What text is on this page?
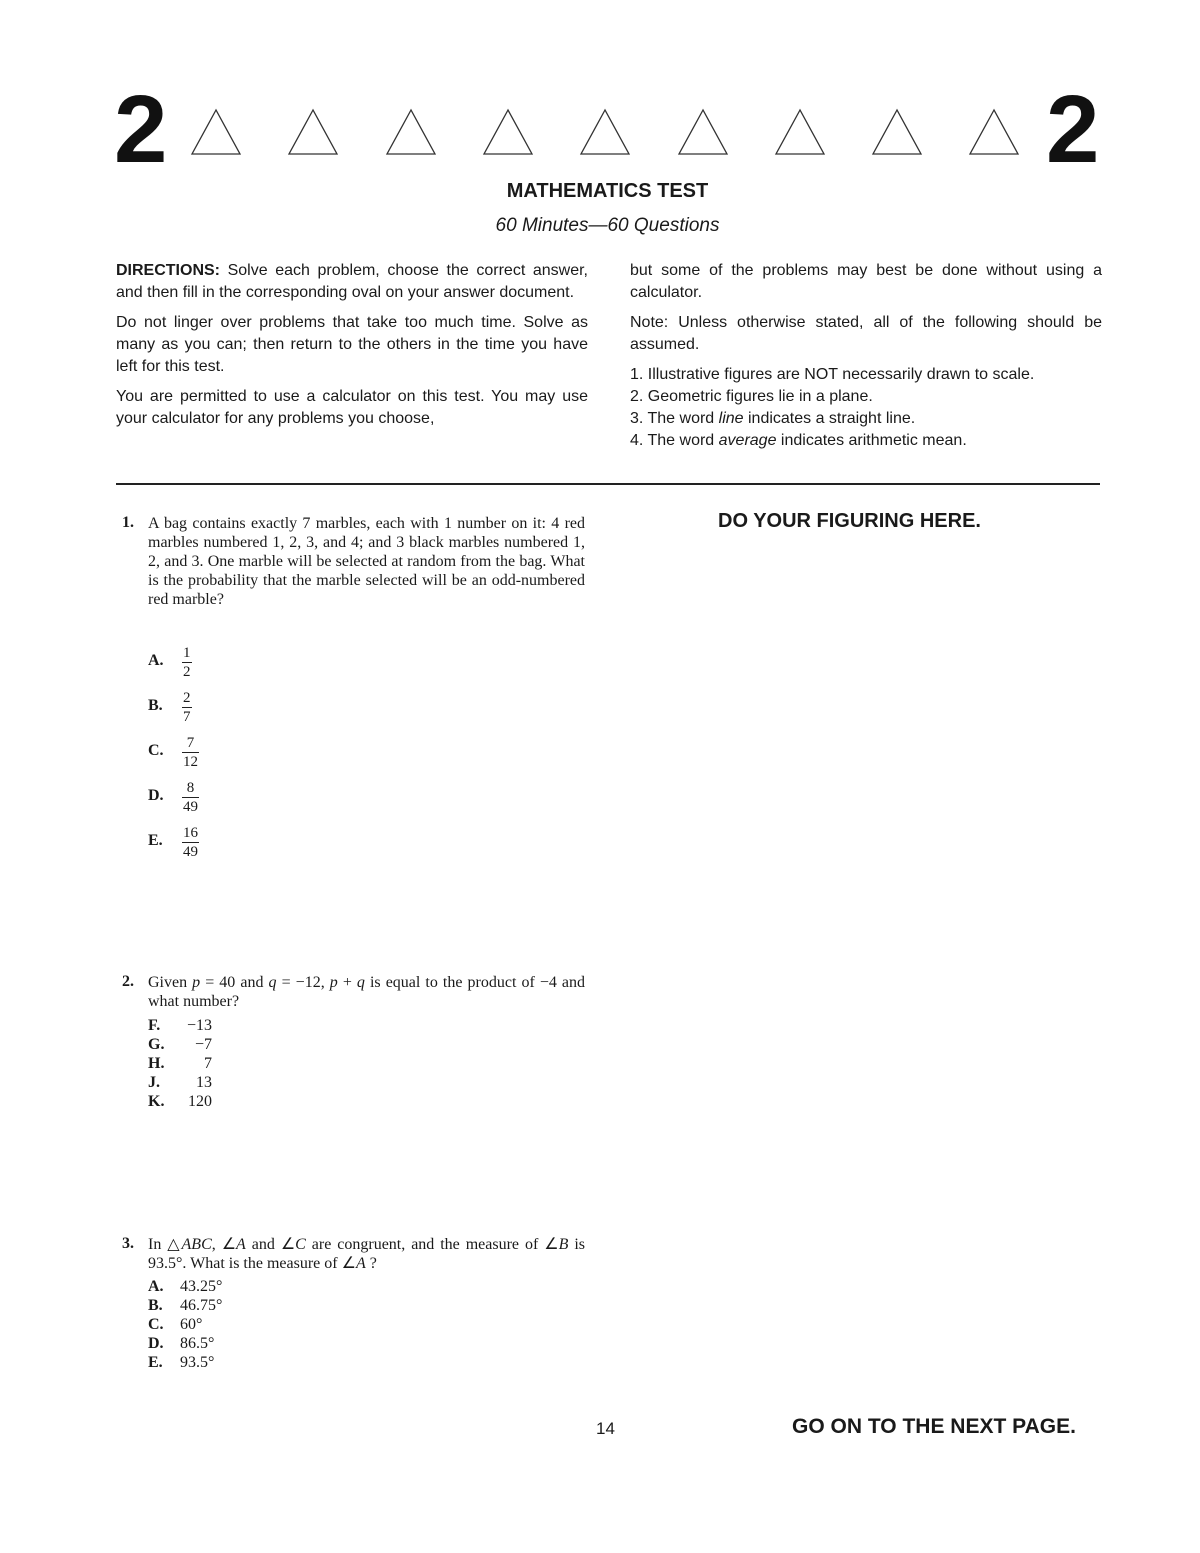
2	2
MATHEMATICS TEST
60 Minutes—60 Questions

DIRECTIONS: Solve each problem, choose the correct answer, and then fill in the corresponding oval on your answer document.

Do not linger over problems that take too much time. Solve as many as you can; then return to the others in the time you have left for this test.

You are permitted to use a calculator on this test. You may use your calculator for any problems you choose,

but some of the problems may best be done without using a calculator.

Note: Unless otherwise stated, all of the following should be assumed.

1. Illustrative figures are NOT necessarily drawn to scale.
2. Geometric figures lie in a plane.
3. The word line indicates a straight line.
4. The word average indicates arithmetic mean.
DO YOUR FIGURING HERE.
1. A bag contains exactly 7 marbles, each with 1 number on it: 4 red marbles numbered 1, 2, 3, and 4; and 3 black marbles numbered 1, 2, and 3. One marble will be selected at random from the bag. What is the probability that the marble selected will be an odd-numbered red marble?
A. 1
2
B. 2
7
C. 7
12
D. 8
49
E. 16
49
2. Given p = 40 and q = −12, p + q is equal to the product of −4 and what number?
F.	−13
G.	−7
H.	7
J.	13
K.	120
3. In △ABC, ∠A and ∠C are congruent, and the measure of ∠B is 93.5°. What is the measure of ∠A ?
A. 43.25°
B. 46.75°
C. 60°
D. 86.5°
E. 93.5°
14	GO ON TO THE NEXT PAGE.
